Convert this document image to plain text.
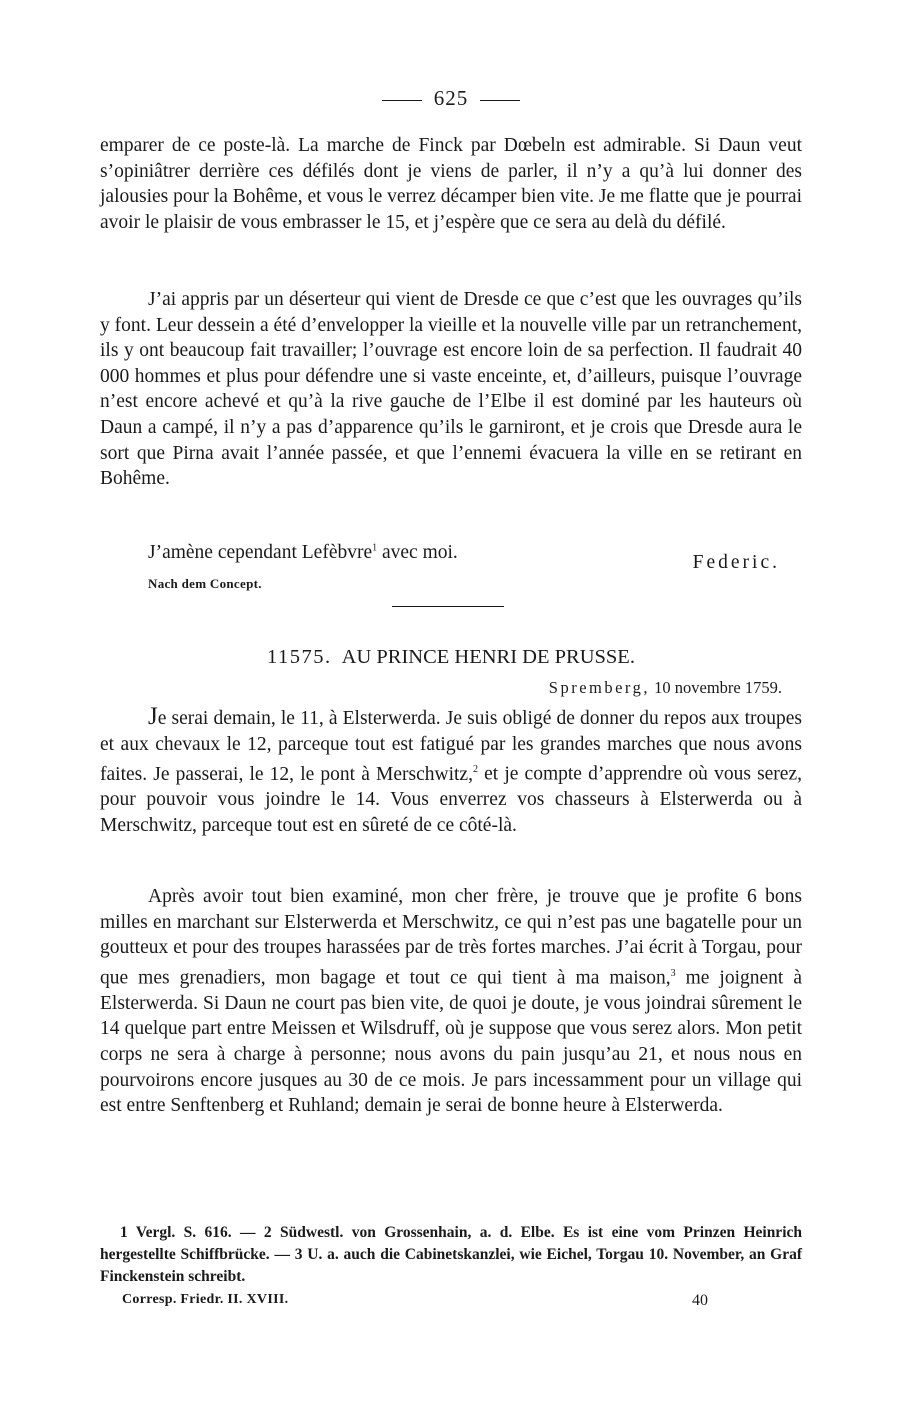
625

emparer de ce poste-là. La marche de Finck par Dœbeln est admirable. Si Daun veut s’opiniâtrer derrière ces défilés dont je viens de parler, il n’y a qu’à lui donner des jalousies pour la Bohême, et vous le verrez décamper bien vite. Je me flatte que je pourrai avoir le plaisir de vous embrasser le 15, et j’espère que ce sera au delà du défilé.

J’ai appris par un déserteur qui vient de Dresde ce que c’est que les ouvrages qu’ils y font. Leur dessein a été d’envelopper la vieille et la nouvelle ville par un retranchement, ils y ont beaucoup fait travailler; l’ouvrage est encore loin de sa perfection. Il faudrait 40 000 hommes et plus pour défendre une si vaste enceinte, et, d’ailleurs, puisque l’ouvrage n’est encore achevé et qu’à la rive gauche de l’Elbe il est dominé par les hauteurs où Daun a campé, il n’y a pas d’apparence qu’ils le garniront, et je crois que Dresde aura le sort que Pirna avait l’année passée, et que l’ennemi évacuera la ville en se retirant en Bohême.

J’amène cependant Lefèbvre$^1$ avec moi.	Federic.
Nach dem Concept.
11575. AU PRINCE HENRI DE PRUSSE.
Spremberg, 10 novembre 1759.

Je serai demain, le 11, à Elsterwerda. Je suis obligé de donner du repos aux troupes et aux chevaux le 12, parceque tout est fatigué par les grandes marches que nous avons faites. Je passerai, le 12, le pont à Merschwitz,$^2$ et je compte d’apprendre où vous serez, pour pouvoir vous joindre le 14. Vous enverrez vos chasseurs à Elsterwerda ou à Merschwitz, parceque tout est en sûreté de ce côté-là.

Après avoir tout bien examiné, mon cher frère, je trouve que je profite 6 bons milles en marchant sur Elsterwerda et Merschwitz, ce qui n’est pas une bagatelle pour un goutteux et pour des troupes harassées par de très fortes marches. J’ai écrit à Torgau, pour que mes grenadiers, mon bagage et tout ce qui tient à ma maison,$^3$ me joignent à Elsterwerda. Si Daun ne court pas bien vite, de quoi je doute, je vous joindrai sûrement le 14 quelque part entre Meissen et Wilsdruff, où je suppose que vous serez alors. Mon petit corps ne sera à charge à personne; nous avons du pain jusqu’au 21, et nous nous en pourvoirons encore jusques au 30 de ce mois. Je pars incessamment pour un village qui est entre Senftenberg et Ruhland; demain je serai de bonne heure à Elsterwerda.

1 Vergl. S. 616. — 2 Südwestl. von Grossenhain, a. d. Elbe. Es ist eine vom Prinzen Heinrich hergestellte Schiffbrücke. — 3 U. a. auch die Cabinetskanzlei, wie Eichel, Torgau 10. November, an Graf Finckenstein schreibt.

Corresp. Friedr. II. XVIII.	40
